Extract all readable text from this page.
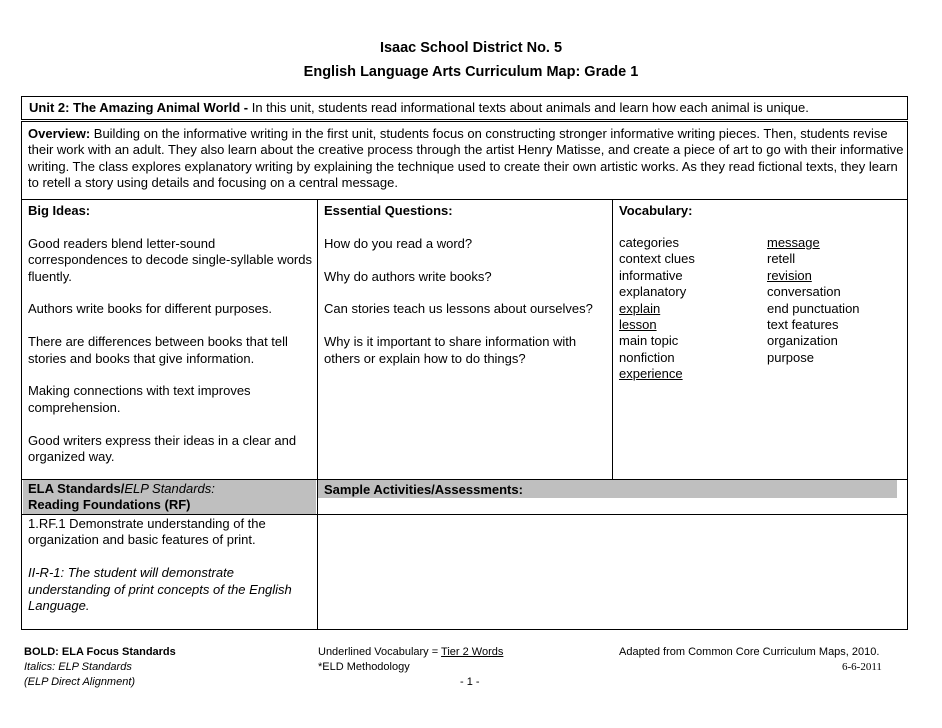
Isaac School District No. 5
English Language Arts Curriculum Map: Grade 1
Unit 2: The Amazing Animal World - In this unit, students read informational texts about animals and learn how each animal is unique.
Overview: Building on the informative writing in the first unit, students focus on constructing stronger informative writing pieces. Then, students revise their work with an adult. They also learn about the creative process through the artist Henry Matisse, and create a piece of art to go with their informative writing. The class explores explanatory writing by explaining the technique used to create their own artistic works. As they read fictional texts, they learn to retell a story using details and focusing on a central message.
Big Ideas:
Good readers blend letter-sound correspondences to decode single-syllable words fluently.
Authors write books for different purposes.
There are differences between books that tell stories and books that give information.
Making connections with text improves comprehension.
Good writers express their ideas in a clear and organized way.
Essential Questions:
How do you read a word?
Why do authors write books?
Can stories teach us lessons about ourselves?
Why is it important to share information with others or explain how to do things?
Vocabulary:
categories
context clues
informative
explanatory
explain
lesson
main topic
nonfiction
experience
message
retell
revision
conversation
end punctuation
text features
organization
purpose
ELA Standards/ELP Standards:
Reading Foundations (RF)
1.RF.1 Demonstrate understanding of the organization and basic features of print.
II-R-1: The student will demonstrate understanding of print concepts of the English Language.
Sample Activities/Assessments:
BOLD: ELA Focus Standards
Italics: ELP Standards
(ELP Direct Alignment)
Underlined Vocabulary = Tier 2 Words
*ELD Methodology
- 1 -
Adapted from Common Core Curriculum Maps, 2010.
6-6-2011
